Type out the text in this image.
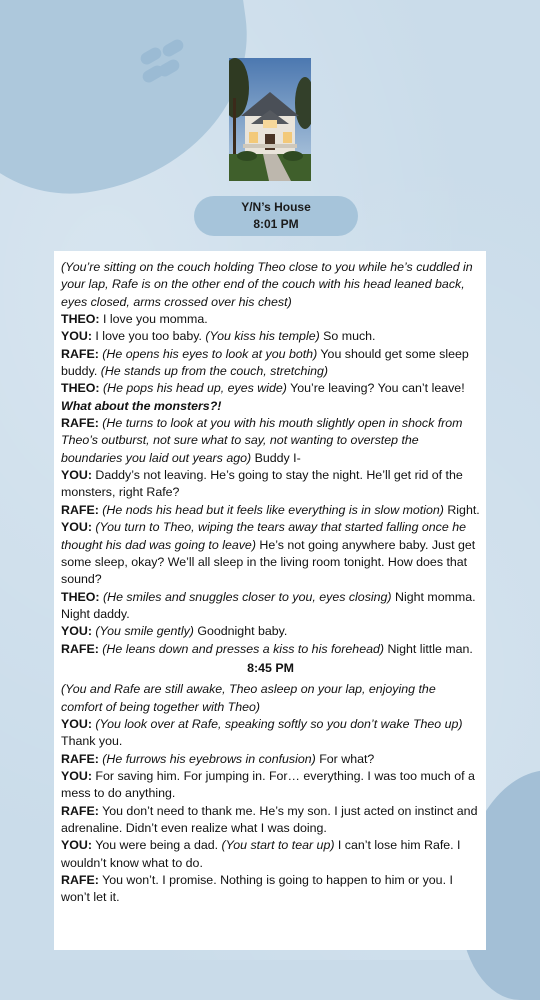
Y/N’s House
8:01 PM
(You’re sitting on the couch holding Theo close to you while he’s cuddled in your lap, Rafe is on the other end of the couch with his head leaned back, eyes closed, arms crossed over his chest)
THEO: I love you momma.
YOU: I love you too baby. (You kiss his temple) So much.
RAFE: (He opens his eyes to look at you both) You should get some sleep buddy. (He stands up from the couch, stretching)
THEO: (He pops his head up, eyes wide) You’re leaving? You can’t leave! What about the monsters?!
RAFE: (He turns to look at you with his mouth slightly open in shock from Theo’s outburst, not sure what to say, not wanting to overstep the boundaries you laid out years ago) Buddy I-
YOU: Daddy’s not leaving. He’s going to stay the night. He’ll get rid of the monsters, right Rafe?
RAFE: (He nods his head but it feels like everything is in slow motion) Right.
YOU: (You turn to Theo, wiping the tears away that started falling once he thought his dad was going to leave) He’s not going anywhere baby. Just get some sleep, okay? We’ll all sleep in the living room tonight. How does that sound?
THEO: (He smiles and snuggles closer to you, eyes closing) Night momma. Night daddy.
YOU: (You smile gently) Goodnight baby.
RAFE: (He leans down and presses a kiss to his forehead) Night little man.
8:45 PM
(You and Rafe are still awake, Theo asleep on your lap, enjoying the comfort of being together with Theo)
YOU: (You look over at Rafe, speaking softly so you don’t wake Theo up) Thank you.
RAFE: (He furrows his eyebrows in confusion) For what?
YOU: For saving him. For jumping in. For… everything. I was too much of a mess to do anything.
RAFE: You don’t need to thank me. He’s my son. I just acted on instinct and adrenaline. Didn’t even realize what I was doing.
YOU: You were being a dad. (You start to tear up) I can’t lose him Rafe. I wouldn’t know what to do.
RAFE: You won’t. I promise. Nothing is going to happen to him or you. I won’t let it.
